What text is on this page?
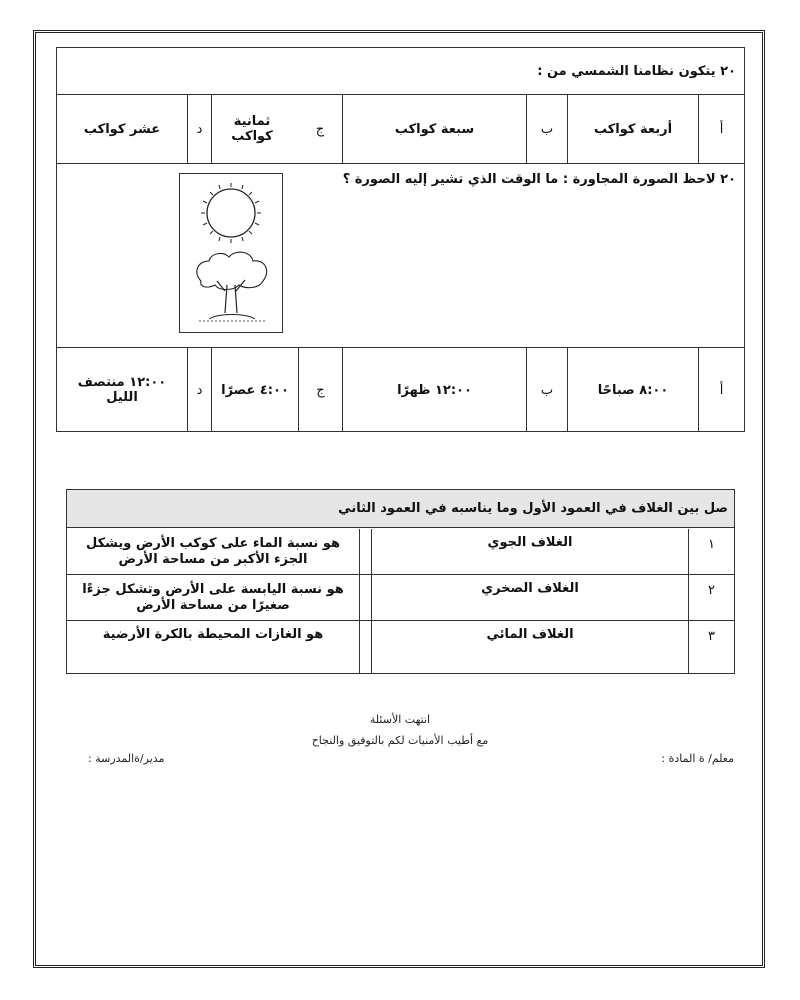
٢٠ يتكون نظامنا الشمسي من :
أ
أربعة كواكب
ب
سبعة كواكب
ج
ثمانية كواكب
د
عشر كواكب
٢٠ لاحظ الصورة المجاورة : ما الوقت الذي تشير إليه الصورة ؟
أ
٨:٠٠ صباحًا
ب
١٢:٠٠ ظهرًا
ج
٤:٠٠ عصرًا
د
١٢:٠٠ منتصف الليل
صل بين الغلاف في العمود الأول وما يناسبه في العمود الثاني
١
الغلاف الجوي
هو نسبة الماء على كوكب الأرض ويشكل الجزء الأكبر من مساحة الأرض
٢
الغلاف الصخري
هو نسبة اليابسة على الأرض وتشكل جزءًا صغيرًا من مساحة الأرض
٣
الغلاف المائي
هو الغازات المحيطة بالكرة الأرضية
انتهت الأسئلة
مع أطيب الأمنيات لكم بالتوفيق والنجاح
معلم/ ة المادة :
مدير/ةالمدرسة :
